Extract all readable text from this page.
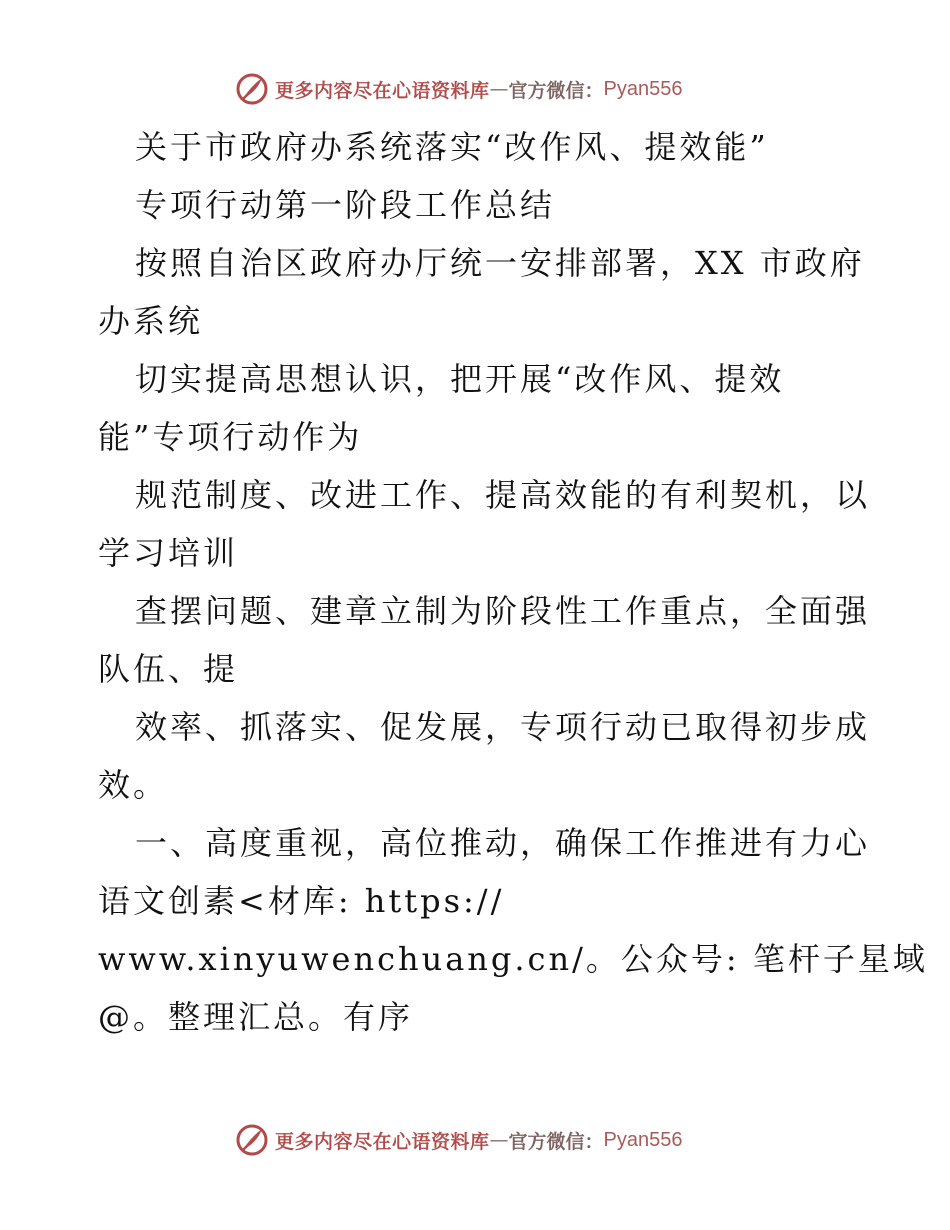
更多内容尽在心语资料库 — 官方微信： Pyan556
关于市政府办系统落实“改作风、提效能”
专项行动第一阶段工作总结
按照自治区政府办厅统一安排部署，XX 市政府
办系统
切实提高思想认识，把开展“改作风、提效
能”专项行动作为
规范制度、改进工作、提高效能的有利契机，以
学习培训
查摆问题、建章立制为阶段性工作重点，全面强
队伍、提
效率、抓落实、促发展，专项行动已取得初步成
效。
一、高度重视，高位推动，确保工作推进有力心
语文创素<材库: https://
www.xinyuwenchuang.cn/。公众号: 笔杆子星域
@。整理汇总。有序
更多内容尽在心语资料库 — 官方微信： Pyan556
